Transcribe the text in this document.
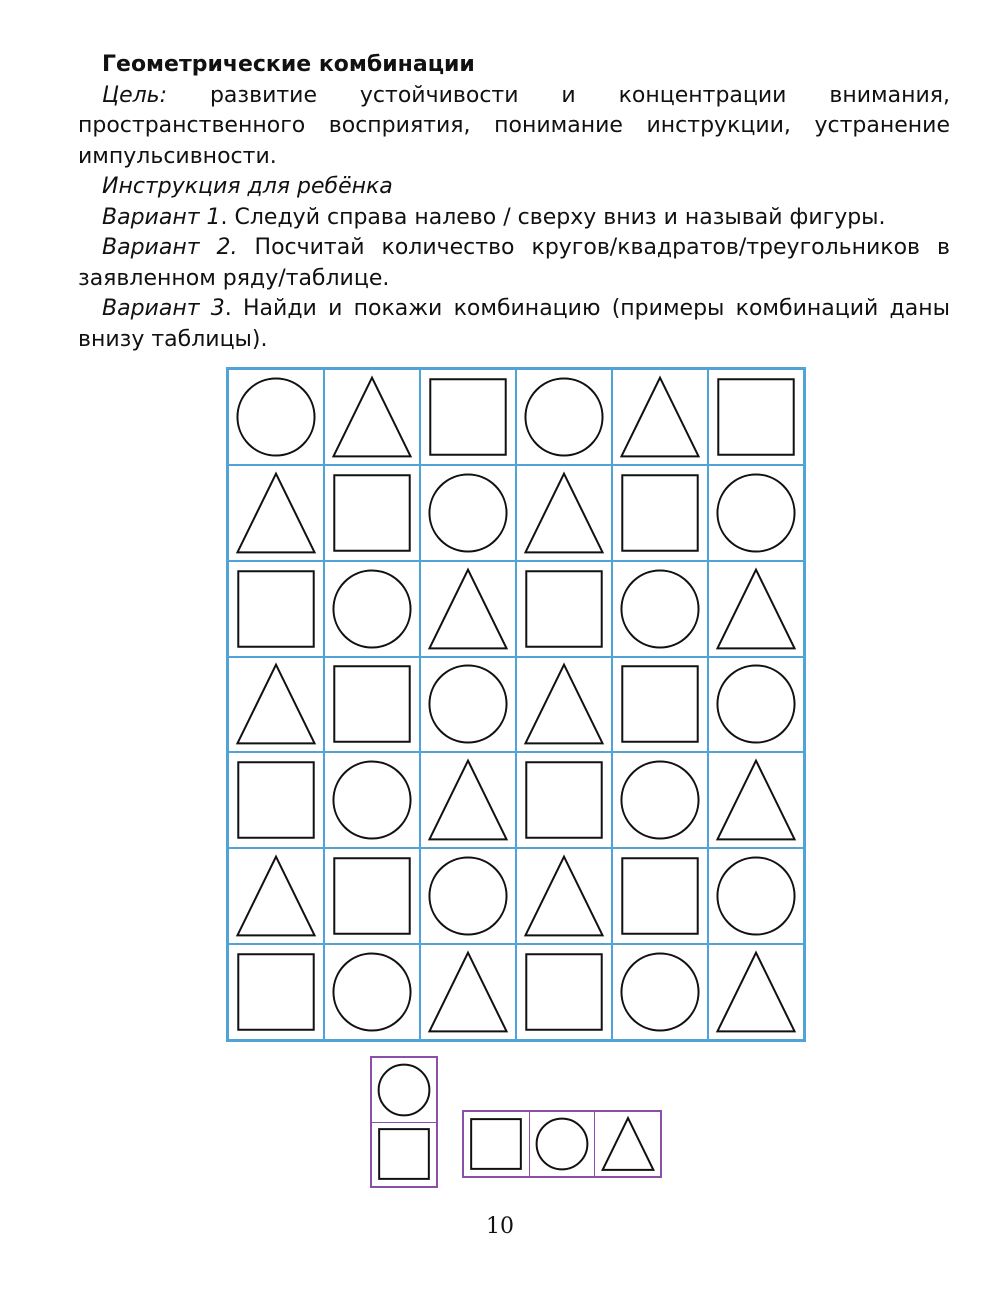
Геометрические комбинации

Цель: развитие устойчивости и концентрации внимания, пространственного восприятия, понимание инструкции, устранение импульсивности.

Инструкция для ребёнка

Вариант 1. Следуй справа налево / сверху вниз и называй фигуры.

Вариант 2. Посчитай количество кругов/квадратов/треугольников в заявленном ряду/таблице.

Вариант 3. Найди и покажи комбинацию (примеры комбинаций даны внизу таблицы).

10
